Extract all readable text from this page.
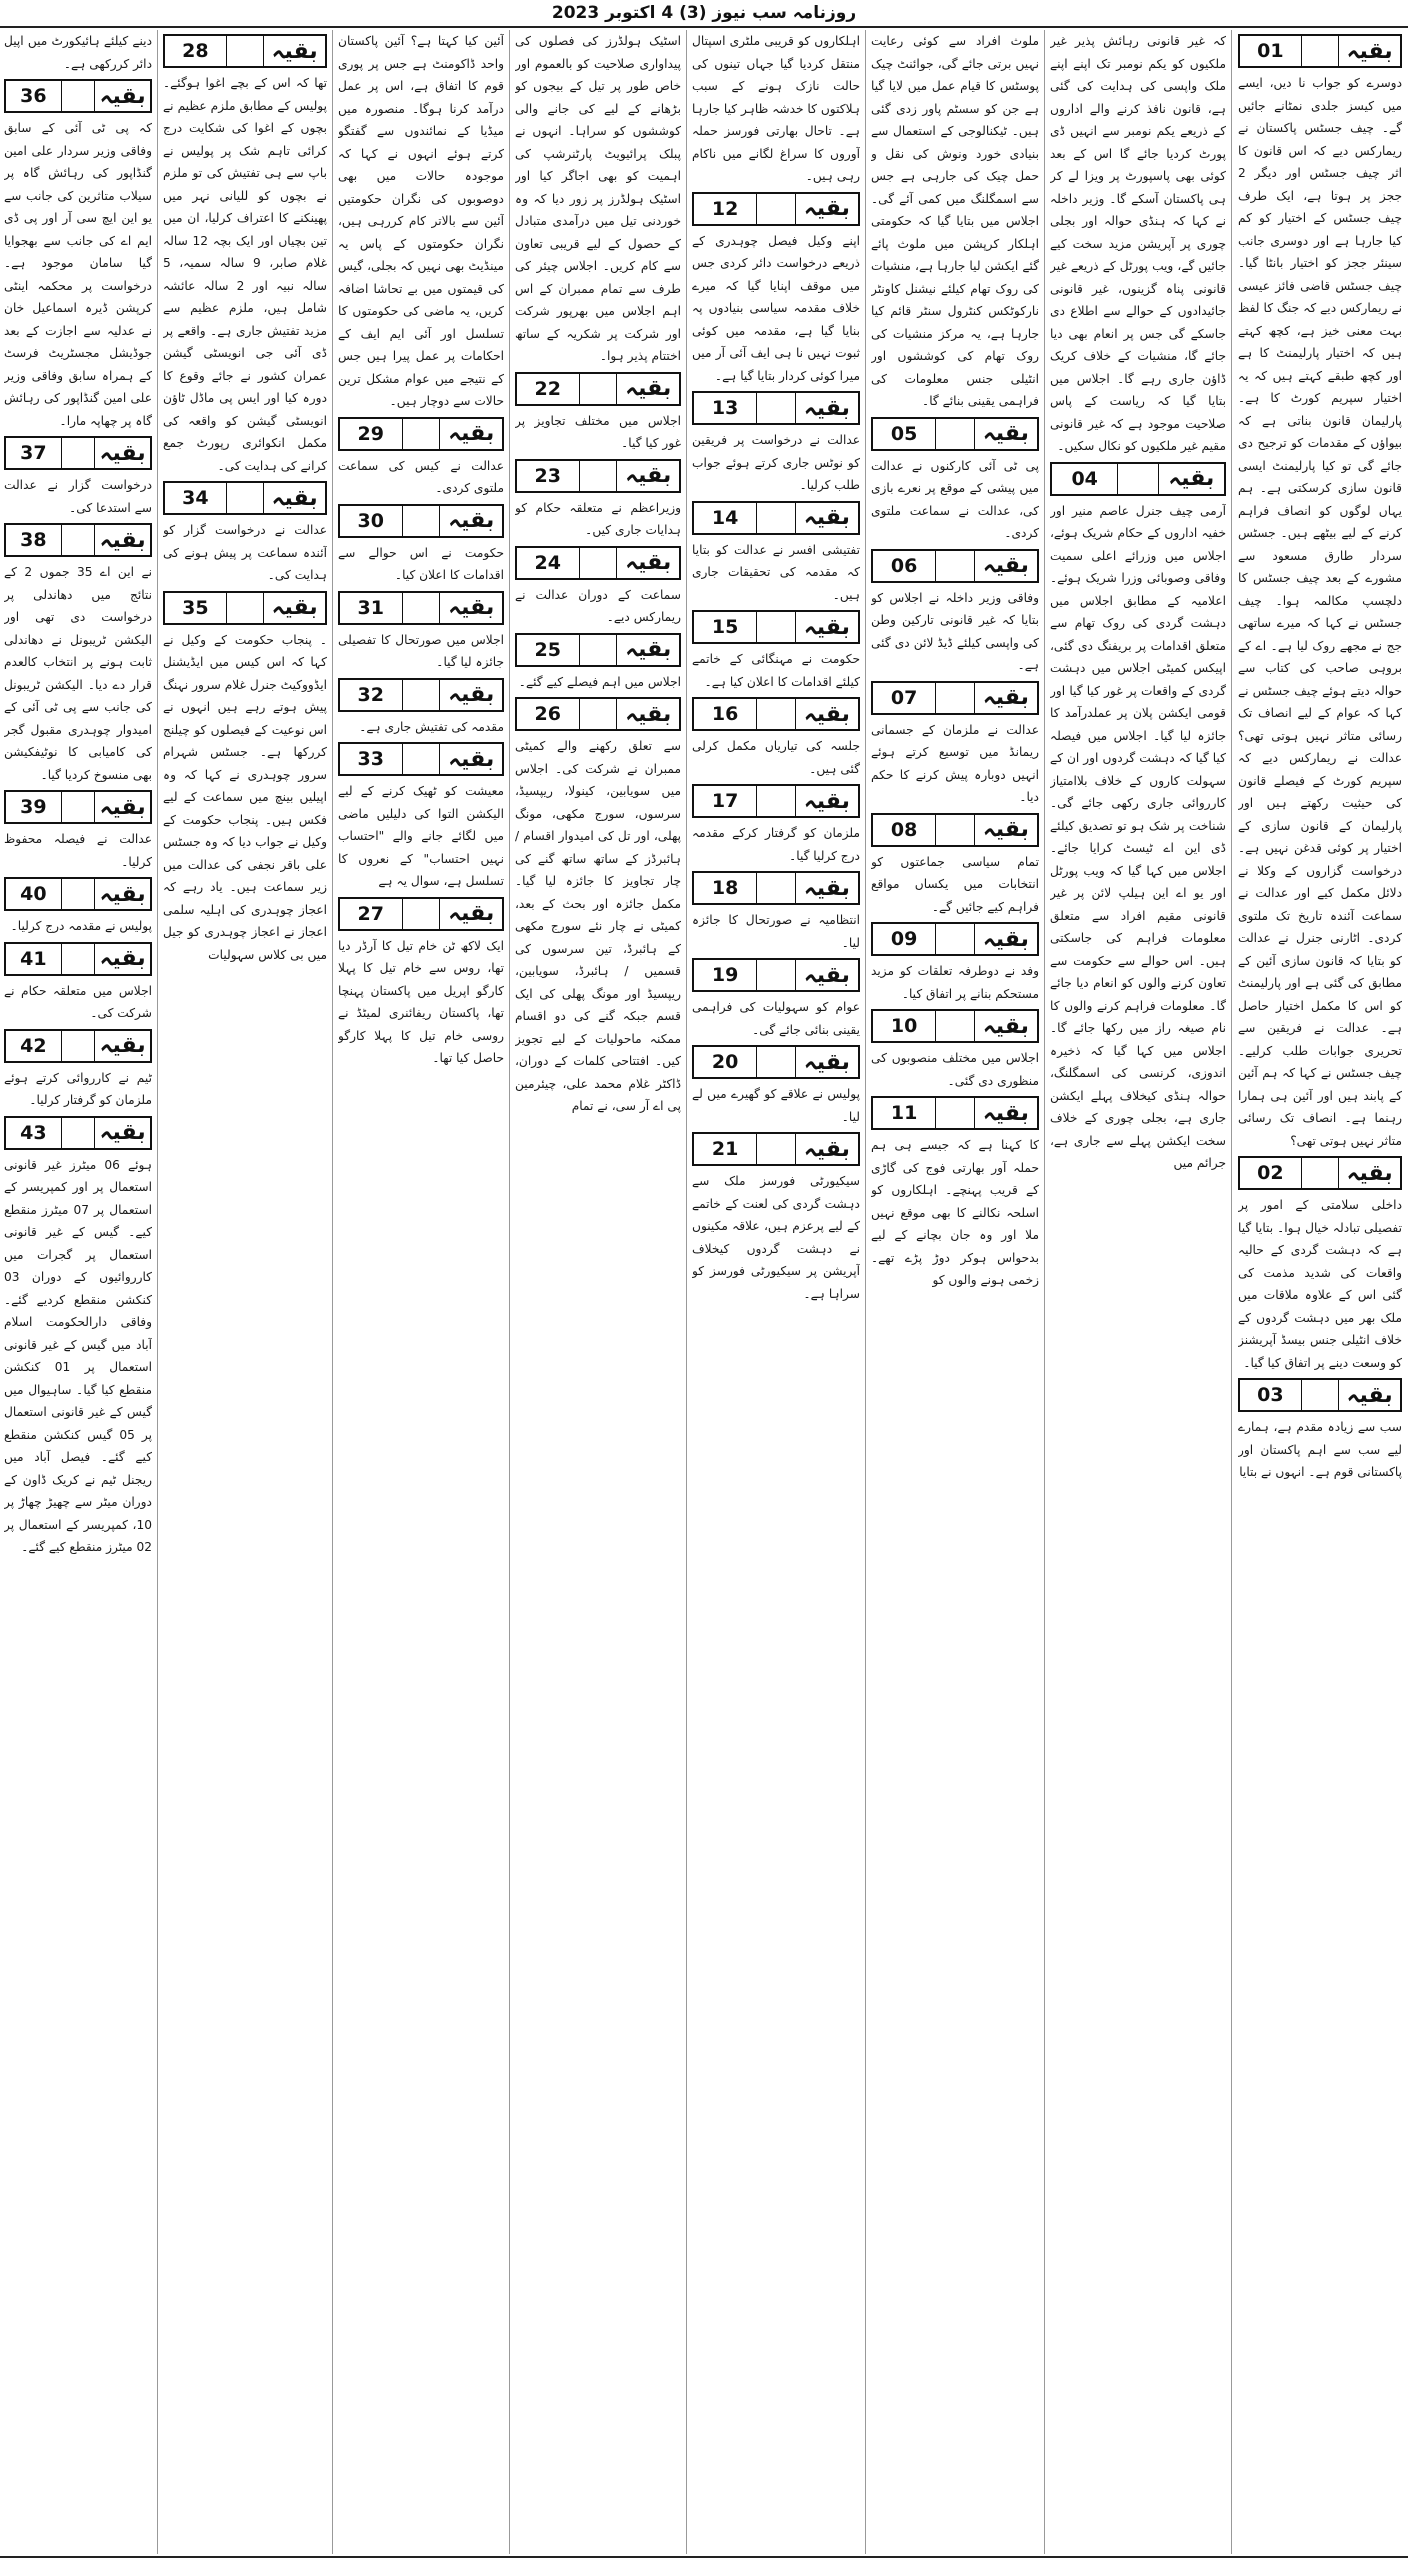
روزنامہ سب نیوز (3) 4 اکتوبر 2023
بقیہ
01
دوسرے کو جواب نا دیں، ایسے میں کیسز جلدی نمٹانے جائیں گے۔ چیف جسٹس پاکستان نے ریمارکس دیے کہ اس قانون کا اثر چیف جسٹس اور دیگر 2 ججز پر ہوتا ہے، ایک طرف چیف جسٹس کے اختیار کو کم کیا جارہا ہے اور دوسری جانب سینئر ججز کو اختیار بانٹا گیا۔ چیف جسٹس قاضی فائز عیسی نے ریمارکس دیے کہ جنگ کا لفظ بہت معنی خیز ہے، کچھ کہتے ہیں کہ اختیار پارلیمنٹ کا ہے اور کچھ طبقے کہتے ہیں کہ یہ اختیار سپریم کورٹ کا ہے۔ پارلیمان قانون بناتی ہے کہ بیواؤں کے مقدمات کو ترجیح دی جائے گی تو کیا پارلیمنٹ ایسی قانون سازی کرسکتی ہے۔ ہم یہاں لوگوں کو انصاف فراہم کرنے کے لیے بیٹھے ہیں۔ جسٹس سردار طارق مسعود سے مشورے کے بعد چیف جسٹس کا دلچسپ مکالمہ ہوا۔ چیف جسٹس نے کہا کہ میرے ساتھی جج نے مجھے روک لیا ہے۔ اے کے بروہی صاحب کی کتاب سے حوالہ دیتے ہوئے چیف جسٹس نے کہا کہ عوام کے لیے انصاف تک رسائی متاثر نہیں ہوتی تھی؟ عدالت نے ریمارکس دیے کہ سپریم کورٹ کے فیصلے قانون کی حیثیت رکھتے ہیں اور پارلیمان کے قانون سازی کے اختیار پر کوئی قدغن نہیں ہے۔ درخواست گزاروں کے وکلا نے دلائل مکمل کیے اور عدالت نے سماعت آئندہ تاریخ تک ملتوی کردی۔ اٹارنی جنرل نے عدالت کو بتایا کہ قانون سازی آئین کے مطابق کی گئی ہے اور پارلیمنٹ کو اس کا مکمل اختیار حاصل ہے۔ عدالت نے فریقین سے تحریری جوابات طلب کرلیے۔ چیف جسٹس نے کہا کہ ہم آئین کے پابند ہیں اور آئین ہی ہمارا رہنما ہے۔ انصاف تک رسائی متاثر نہیں ہوتی تھی؟
بقیہ
02
داخلی سلامتی کے امور پر تفصیلی تبادلہ خیال ہوا۔ بتایا گیا ہے کہ دہشت گردی کے حالیہ واقعات کی شدید مذمت کی گئی اس کے علاوہ ملاقات میں ملک بھر میں دہشت گردوں کے خلاف انٹیلی جنس بیسڈ آپریشنز کو وسعت دینے پر اتفاق کیا گیا۔
بقیہ
03
سب سے زیادہ مقدم ہے، ہمارے لیے سب سے اہم پاکستان اور پاکستانی قوم ہے۔ انہوں نے بتایا
کہ غیر قانونی رہائش پذیر غیر ملکیوں کو یکم نومبر تک اپنے اپنے ملک واپسی کی ہدایت کی گئی ہے، قانون نافذ کرنے والے اداروں کے ذریعے یکم نومبر سے انہیں ڈی پورٹ کردیا جائے گا اس کے بعد کوئی بھی پاسپورٹ پر ویزا لے کر ہی پاکستان آسکے گا۔ وزیر داخلہ نے کہا کہ ہنڈی حوالہ اور بجلی چوری پر آپریشن مزید سخت کیے جائیں گے، ویب پورٹل کے ذریعے غیر قانونی پناہ گزینوں، غیر قانونی جائیدادوں کے حوالے سے اطلاع دی جاسکے گی جس پر انعام بھی دیا جائے گا، منشیات کے خلاف کریک ڈاؤن جاری رہے گا۔ اجلاس میں بتایا گیا کہ ریاست کے پاس صلاحیت موجود ہے کہ غیر قانونی مقیم غیر ملکیوں کو نکال سکیں۔
بقیہ
04
آرمی چیف جنرل عاصم منیر اور خفیہ اداروں کے حکام شریک ہوئے، اجلاس میں وزرائے اعلی سمیت وفاقی وصوبائی وزرا شریک ہوئے۔ اعلامیہ کے مطابق اجلاس میں دہشت گردی کی روک تھام سے متعلق اقدامات پر بریفنگ دی گئی، اپیکس کمیٹی اجلاس میں دہشت گردی کے واقعات پر غور کیا گیا اور قومی ایکشن پلان پر عملدرآمد کا جائزہ لیا گیا۔ اجلاس میں فیصلہ کیا گیا کہ دہشت گردوں اور ان کے سہولت کاروں کے خلاف بلاامتیاز کارروائی جاری رکھی جائے گی۔ شناخت پر شک ہو تو تصدیق کیلئے ڈی این اے ٹیسٹ کرایا جائے۔ اجلاس میں کہا گیا کہ ویب پورٹل اور یو اے این ہیلپ لائن پر غیر قانونی مقیم افراد سے متعلق معلومات فراہم کی جاسکتی ہیں۔ اس حوالے سے حکومت سے تعاون کرنے والوں کو انعام دیا جائے گا۔ معلومات فراہم کرنے والوں کا نام صیغہ راز میں رکھا جائے گا۔ اجلاس میں کہا گیا کہ ذخیرہ اندوزی، کرنسی کی اسمگلنگ، حوالہ ہنڈی کیخلاف پہلے ایکشن جاری ہے، بجلی چوری کے خلاف سخت ایکشن پہلے سے جاری ہے، جرائم میں
ملوث افراد سے کوئی رعایت نہیں برتی جائے گی، جوائنٹ چیک پوسٹس کا قیام عمل میں لایا گیا ہے جن کو سسٹم پاور زدی گئی ہیں۔ ٹیکنالوجی کے استعمال سے بنیادی خورد ونوش کی نقل و حمل چیک کی جارہی ہے جس سے اسمگلنگ میں کمی آئے گی۔ اجلاس میں بتایا گیا کہ حکومتی اہلکار کرپشن میں ملوث پائے گئے ایکشن لیا جارہا ہے، منشیات کی روک تھام کیلئے نیشنل کاونٹر نارکوٹکس کنٹرول سنٹر قائم کیا جارہا ہے، یہ مرکز منشیات کی روک تھام کی کوششوں اور انٹیلی جنس معلومات کی فراہمی یقینی بنائے گا۔
بقیہ
05
پی ٹی آئی کارکنوں نے عدالت میں پیشی کے موقع پر نعرے بازی کی، عدالت نے سماعت ملتوی کردی۔
بقیہ
06
وفاقی وزیر داخلہ نے اجلاس کو بتایا کہ غیر قانونی تارکین وطن کی واپسی کیلئے ڈیڈ لائن دی گئی ہے۔
بقیہ
07
عدالت نے ملزمان کے جسمانی ریمانڈ میں توسیع کرتے ہوئے انہیں دوبارہ پیش کرنے کا حکم دیا۔
بقیہ
08
تمام سیاسی جماعتوں کو انتخابات میں یکساں مواقع فراہم کیے جائیں گے۔
بقیہ
09
وفد نے دوطرفہ تعلقات کو مزید مستحکم بنانے پر اتفاق کیا۔
بقیہ
10
اجلاس میں مختلف منصوبوں کی منظوری دی گئی۔
بقیہ
11
کا کہنا ہے کہ جیسے ہی ہم حملہ آور بھارتی فوج کی گاڑی کے قریب پہنچے۔ اہلکاروں کو اسلحہ نکالنے کا بھی موقع نہیں ملا اور وہ جان بچانے کے لیے بدحواس ہوکر دوڑ پڑے تھے۔ زخمی ہونے والوں کو
اہلکاروں کو قریبی ملٹری اسپتال منتقل کردیا گیا جہاں تینوں کی حالت نازک ہونے کے سبب ہلاکتوں کا خدشہ ظاہر کیا جارہا ہے۔ تاحال بھارتی فورسز حملہ آوروں کا سراغ لگانے میں ناکام رہی ہیں۔
بقیہ
12
اپنے وکیل فیصل چوہدری کے ذریعے درخواست دائر کردی جس میں موقف اپنایا گیا کہ میرے خلاف مقدمہ سیاسی بنیادوں پہ بنایا گیا ہے، مقدمہ میں کوئی ثبوت نہیں نا ہی ایف آئی آر میں میرا کوئی کردار بتایا گیا ہے۔
بقیہ
13
عدالت نے درخواست پر فریقین کو نوٹس جاری کرتے ہوئے جواب طلب کرلیا۔
بقیہ
14
تفتیشی افسر نے عدالت کو بتایا کہ مقدمہ کی تحقیقات جاری ہیں۔
بقیہ
15
حکومت نے مہنگائی کے خاتمے کیلئے اقدامات کا اعلان کیا ہے۔
بقیہ
16
جلسہ کی تیاریاں مکمل کرلی گئی ہیں۔
بقیہ
17
ملزمان کو گرفتار کرکے مقدمہ درج کرلیا گیا۔
بقیہ
18
انتظامیہ نے صورتحال کا جائزہ لیا۔
بقیہ
19
عوام کو سہولیات کی فراہمی یقینی بنائی جائے گی۔
بقیہ
20
پولیس نے علاقے کو گھیرے میں لے لیا۔
بقیہ
21
سیکیورٹی فورسز ملک سے دہشت گردی کی لعنت کے خاتمے کے لیے پرعزم ہیں، علاقہ مکینوں نے دہشت گردوں کیخلاف آپریشن پر سیکیورٹی فورسز کو سراہا ہے۔
اسٹیک ہولڈرز کی فصلوں کی پیداواری صلاحیت کو بالعموم اور خاص طور پر تیل کے بیجوں کو بڑھانے کے لیے کی جانے والی کوششوں کو سراہا۔ انہوں نے پبلک پرائیویٹ پارٹنرشپ کی اہمیت کو بھی اجاگر کیا اور اسٹیک ہولڈرز پر زور دیا کہ وہ خوردنی تیل میں درآمدی متبادل کے حصول کے لیے قریبی تعاون سے کام کریں۔ اجلاس چیئر کی طرف سے تمام ممبران کے اس اہم اجلاس میں بھرپور شرکت اور شرکت پر شکریہ کے ساتھ اختتام پذیر ہوا۔
بقیہ
22
اجلاس میں مختلف تجاویز پر غور کیا گیا۔
بقیہ
23
وزیراعظم نے متعلقہ حکام کو ہدایات جاری کیں۔
بقیہ
24
سماعت کے دوران عدالت نے ریمارکس دیے۔
بقیہ
25
اجلاس میں اہم فیصلے کیے گئے۔
بقیہ
26
سے تعلق رکھنے والے کمیٹی ممبران نے شرکت کی۔ اجلاس میں سویابین، کینولا، ریپسیڈ، سرسوں، سورج مکھی، مونگ پھلی، اور تل کی امیدوار اقسام / ہائبرڈز کے ساتھ ساتھ گنے کی چار تجاویز کا جائزہ لیا گیا۔ مکمل جائزہ اور بحث کے بعد، کمیٹی نے چار نئے سورج مکھی کے ہائبرڈ، تین سرسوں کی قسمیں / ہائبرڈ، سویابین، ریپسیڈ اور مونگ پھلی کی ایک قسم جبکہ گنے کی دو اقسام ممکنہ ماحولیات کے لیے تجویز کیں۔ افتتاحی کلمات کے دوران، ڈاکٹر غلام محمد علی، چیئرمین پی اے آر سی، نے تمام
آئین کیا کہتا ہے؟ آئین پاکستان واحد ڈاکومنٹ ہے جس پر پوری قوم کا اتفاق ہے، اس پر عمل درآمد کرنا ہوگا۔ منصورہ میں میڈیا کے نمائندوں سے گفتگو کرتے ہوئے انہوں نے کہا کہ موجودہ حالات میں بھی دوصوبوں کی نگران حکومتیں آئین سے بالاتر کام کررہی ہیں، نگران حکومتوں کے پاس یہ مینڈیٹ بھی نہیں کہ بجلی، گیس کی قیمتوں میں بے تحاشا اضافہ کریں، یہ ماضی کی حکومتوں کا تسلسل اور آئی ایم ایف کے احکامات پر عمل پیرا ہیں جس کے نتیجے میں عوام مشکل ترین حالات سے دوچار ہیں۔
بقیہ
29
عدالت نے کیس کی سماعت ملتوی کردی۔
بقیہ
30
حکومت نے اس حوالے سے اقدامات کا اعلان کیا۔
بقیہ
31
اجلاس میں صورتحال کا تفصیلی جائزہ لیا گیا۔
بقیہ
32
مقدمہ کی تفتیش جاری ہے۔
بقیہ
33
معیشت کو ٹھیک کرنے کے لیے الیکشن التوا کی دلیلیں ماضی میں لگائے جانے والے "احتساب نہیں احتساب" کے نعروں کا تسلسل ہے، سوال یہ ہے
بقیہ
27
ایک لاکھ ٹن خام تیل کا آرڈر دیا تھا، روس سے خام تیل کا پہلا کارگو اپریل میں پاکستان پہنچا تھا، پاکستان ریفائنری لمیٹڈ نے روسی خام تیل کا پہلا کارگو حاصل کیا تھا۔
بقیہ
28
تھا کہ اس کے بچے اغوا ہوگئے۔ پولیس کے مطابق ملزم عظیم نے بچوں کے اغوا کی شکایت درج کرائی تاہم شک پر پولیس نے باپ سے ہی تفتیش کی تو ملزم نے بچوں کو للیانی نہر میں پھینکنے کا اعتراف کرلیا، ان میں تین بچیاں اور ایک بچہ 12 سالہ غلام صابر، 9 سالہ سمیہ، 5 سالہ نبیہ اور 2 سالہ عائشہ شامل ہیں، ملزم عظیم سے مزید تفتیش جاری ہے۔ واقعے پر ڈی آئی جی انویسٹی گیشن عمران کشور نے جائے وقوع کا دورہ کیا اور ایس پی ماڈل ٹاؤن انویسٹی گیشن کو واقعہ کی مکمل انکوائری رپورٹ جمع کرانے کی ہدایت کی۔
بقیہ
34
عدالت نے درخواست گزار کو آئندہ سماعت پر پیش ہونے کی ہدایت کی۔
بقیہ
35
۔ پنجاب حکومت کے وکیل نے کہا کہ اس کیس میں ایڈیشنل ایڈووکیٹ جنرل غلام سرور نہنگ پیش ہوتے رہے ہیں انہوں نے اس نوعیت کے فیصلوں کو چیلنج کررکھا ہے۔ جسٹس شہرام سرور چوہدری نے کہا کہ وہ اپیلیں بینچ میں سماعت کے لیے فکس ہیں۔ پنجاب حکومت کے وکیل نے جواب دیا کہ وہ جسٹس علی باقر نجفی کی عدالت میں زیر سماعت ہیں۔ یاد رہے کہ اعجاز چوہدری کی اہلیہ سلمی اعجاز نے اعجاز چوہدری کو جیل میں بی کلاس سہولیات
دینے کیلئے ہائیکورٹ میں اپیل دائر کررکھی ہے۔
بقیہ
36
کہ پی ٹی آئی کے سابق وفاقی وزیر سردار علی امین گنڈاپور کی رہائش گاہ پر سیلاب متاثرین کی جانب سے یو این ایچ سی آر اور پی ڈی ایم اے کی جانب سے بھجوایا گیا سامان موجود ہے۔ درخواست پر محکمہ اینٹی کرپشن ڈیرہ اسماعیل خان نے عدلیہ سے اجازت کے بعد جوڈیشل مجسٹریٹ فرسٹ کے ہمراہ سابق وفاقی وزیر علی امین گنڈاپور کی رہائش گاہ پر چھاپہ مارا۔
بقیہ
37
درخواست گزار نے عدالت سے استدعا کی۔
بقیہ
38
نے این اے 35 جموں 2 کے نتائج میں دھاندلی پر درخواست دی تھی اور الیکشن ٹریبونل نے دھاندلی ثابت ہونے پر انتخاب کالعدم قرار دے دیا۔ الیکشن ٹریبونل کی جانب سے پی ٹی آئی کے امیدوار چوہدری مقبول گجر کی کامیابی کا نوٹیفکیشن بھی منسوخ کردیا گیا۔
بقیہ
39
عدالت نے فیصلہ محفوظ کرلیا۔
بقیہ
40
پولیس نے مقدمہ درج کرلیا۔
بقیہ
41
اجلاس میں متعلقہ حکام نے شرکت کی۔
بقیہ
42
ٹیم نے کارروائی کرتے ہوئے ملزمان کو گرفتار کرلیا۔
بقیہ
43
ہوئے 06 میٹرز غیر قانونی استعمال پر اور کمپریسر کے استعمال پر 07 میٹرز منقطع کیے۔ گیس کے غیر قانونی استعمال پر گجرات میں کارروائیوں کے دوران 03 کنکشن منقطع کردیے گئے۔ وفاقی دارالحکومت اسلام آباد میں گیس کے غیر قانونی استعمال پر 01 کنکشن منقطع کیا گیا۔ ساہیوال میں گیس کے غیر قانونی استعمال پر 05 گیس کنکشن منقطع کیے گئے۔ فیصل آباد میں ریجنل ٹیم نے کریک ڈاون کے دوران میٹر سے چھیڑ چھاڑ پر 10، کمپریسر کے استعمال پر 02 میٹرز منقطع کیے گئے۔
